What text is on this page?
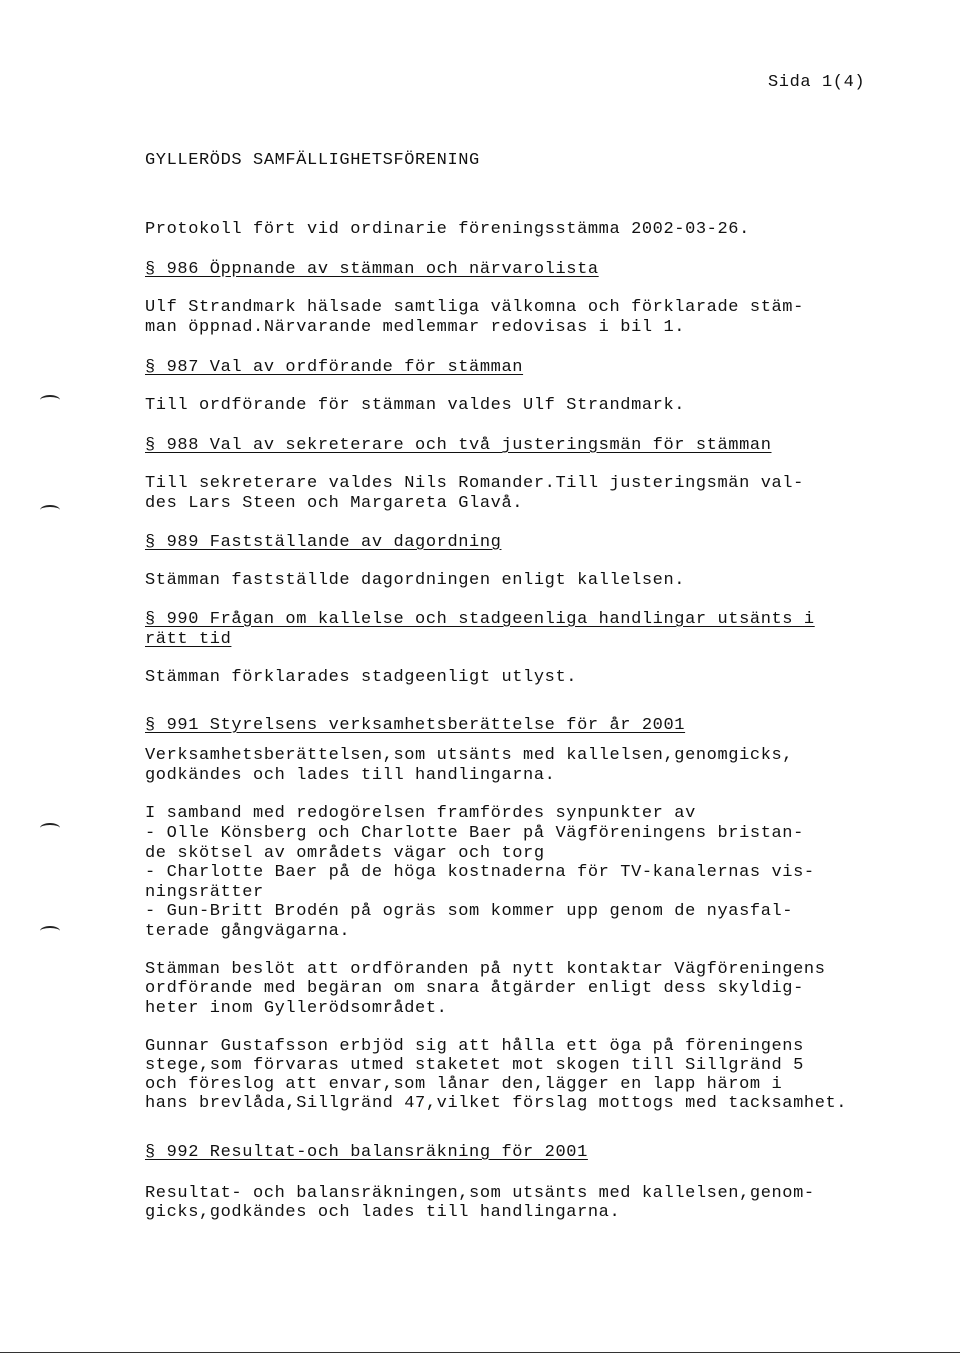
Sida 1(4)
GYLLERÖDS SAMFÄLLIGHETSFÖRENING
Protokoll fört vid ordinarie föreningsstämma 2002-03-26.
§ 986 Öppnande av stämman och närvarolista
Ulf Strandmark hälsade samtliga välkomna och förklarade stäm-
man öppnad.Närvarande medlemmar redovisas i bil 1.
§ 987 Val av ordförande för stämman
Till ordförande för stämman valdes Ulf Strandmark.
§ 988 Val av sekreterare och två justeringsmän för stämman
Till sekreterare valdes Nils Romander.Till justeringsmän val-
des Lars Steen och Margareta Glavå.
§ 989 Fastställande av dagordning
Stämman fastställde dagordningen enligt kallelsen.
§ 990 Frågan om kallelse och stadgeenliga handlingar utsänts i
rätt tid
Stämman förklarades stadgeenligt utlyst.
§ 991 Styrelsens verksamhetsberättelse för år 2001
Verksamhetsberättelsen,som utsänts med kallelsen,genomgicks,
godkändes och lades till handlingarna.
I samband med redogörelsen framfördes synpunkter av
- Olle Könsberg och Charlotte Baer på Vägföreningens bristan-
de skötsel av områdets vägar och torg
- Charlotte Baer på de höga kostnaderna för TV-kanalernas vis-
ningsrätter
- Gun-Britt Brodén på ogräs som kommer upp genom de nyasfal-
terade gångvägarna.
Stämman beslöt att ordföranden på nytt kontaktar Vägföreningens
ordförande med begäran om snara åtgärder enligt dess skyldig-
heter inom Gyllerödsområdet.
Gunnar Gustafsson erbjöd sig att hålla ett öga på föreningens
stege,som förvaras utmed staketet mot skogen till Sillgränd 5
och föreslog att envar,som lånar den,lägger en lapp härom i
hans brevlåda,Sillgränd 47,vilket förslag mottogs med tacksamhet.
§ 992 Resultat-och balansräkning för 2001
Resultat- och balansräkningen,som utsänts med kallelsen,genom-
gicks,godkändes och lades till handlingarna.
